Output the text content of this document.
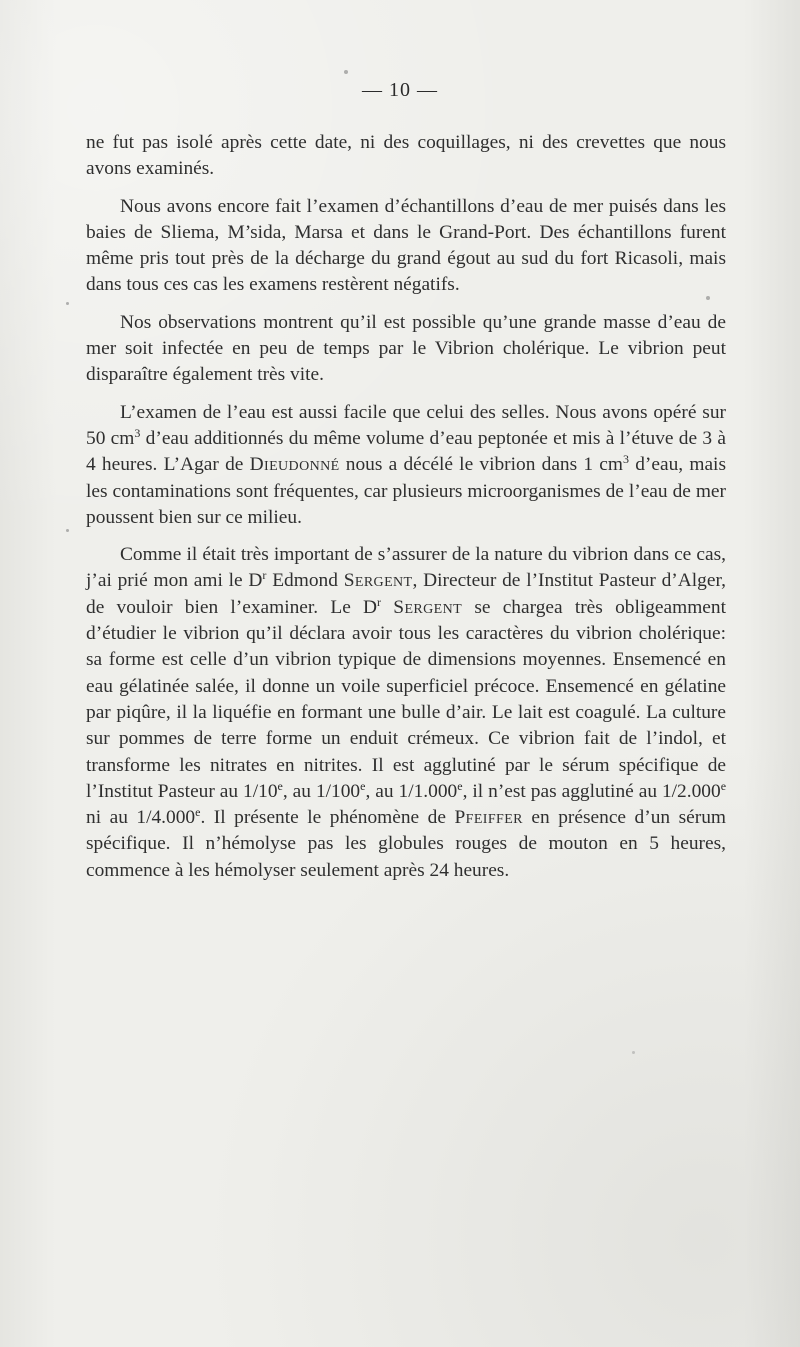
— 10 —

ne fut pas isolé après cette date, ni des coquillages, ni des crevettes que nous avons examinés.

Nous avons encore fait l’examen d’échantillons d’eau de mer puisés dans les baies de Sliema, M’sida, Marsa et dans le Grand-Port. Des échantillons furent même pris tout près de la décharge du grand égout au sud du fort Ricasoli, mais dans tous ces cas les examens restèrent négatifs.

Nos observations montrent qu’il est possible qu’une grande masse d’eau de mer soit infectée en peu de temps par le Vibrion cholérique. Le vibrion peut disparaître également très vite.

L’examen de l’eau est aussi facile que celui des selles. Nous avons opéré sur 50 $cm^3$ d’eau additionnés du même volume d’eau peptonée et mis à l’étuve de 3 à 4 heures. L’Agar de Dieudonné nous a décélé le vibrion dans 1 $cm^3$ d’eau, mais les contaminations sont fréquentes, car plusieurs microorganismes de l’eau de mer poussent bien sur ce milieu.

Comme il était très important de s’assurer de la nature du vibrion dans ce cas, j’ai prié mon ami le $D^r$ Edmond Sergent, Directeur de l’Institut Pasteur d’Alger, de vouloir bien l’examiner. Le $D^r$ Sergent se chargea très obligeamment d’étudier le vibrion qu’il déclara avoir tous les caractères du vibrion cholérique: sa forme est celle d’un vibrion typique de dimensions moyennes. Ensemencé en eau gélatinée salée, il donne un voile superficiel précoce. Ensemencé en gélatine par piqûre, il la liquéfie en formant une bulle d’air. Le lait est coagulé. La culture sur pommes de terre forme un enduit crémeux. Ce vibrion fait de l’indol, et transforme les nitrates en nitrites. Il est agglutiné par le sérum spécifique de l’Institut Pasteur au 1/10e, au 1/100e, au 1/1.000e, il n’est pas agglutiné au 1/2.000e ni au 1/4.000e. Il présente le phénomène de Pfeiffer en présence d’un sérum spécifique. Il n’hémolyse pas les globules rouges de mouton en 5 heures, commence à les hémolyser seulement après 24 heures.
